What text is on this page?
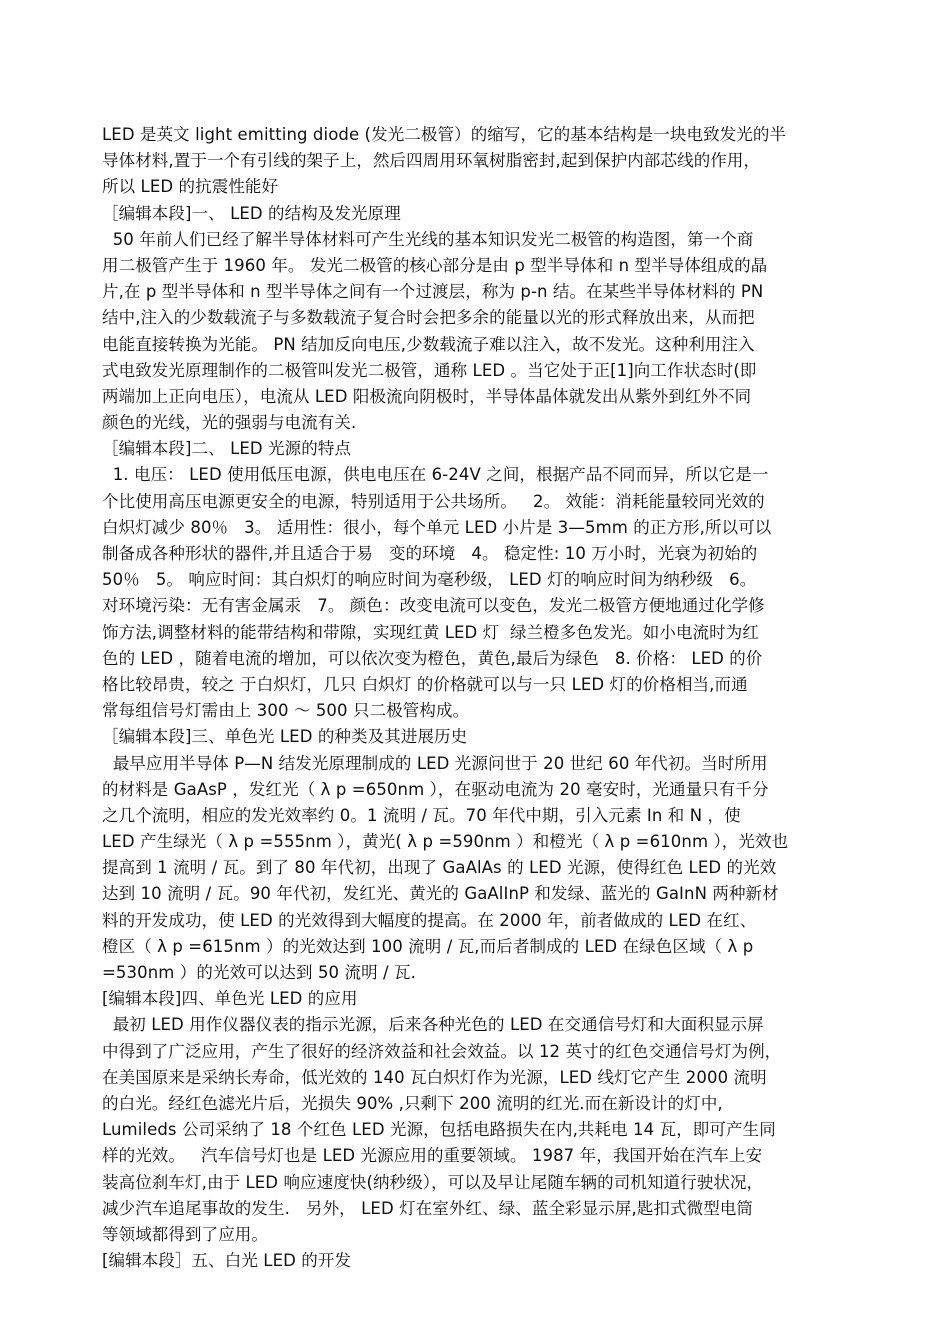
LED 是英文 light emitting diode (发光二极管）的缩写，它的基本结构是一块电致发光的半
导体材料,置于一个有引线的架子上，然后四周用环氧树脂密封,起到保护内部芯线的作用，
所以 LED 的抗震性能好
［编辑本段]一、 LED 的结构及发光原理
50 年前人们已经了解半导体材料可产生光线的基本知识发光二极管的构造图，第一个商
用二极管产生于 1960 年。 发光二极管的核心部分是由 p 型半导体和 n 型半导体组成的晶
片,在 p 型半导体和 n 型半导体之间有一个过渡层，称为 p-n 结。在某些半导体材料的 PN
结中,注入的少数载流子与多数载流子复合时会把多余的能量以光的形式释放出来，从而把
电能直接转换为光能。 PN 结加反向电压,少数载流子难以注入，故不发光。这种利用注入
式电致发光原理制作的二极管叫发光二极管，通称 LED 。当它处于正[1]向工作状态时(即
两端加上正向电压），电流从 LED 阳极流向阴极时，半导体晶体就发出从紫外到红外不同
颜色的光线，光的强弱与电流有关.
［编辑本段]二、 LED 光源的特点
1. 电压： LED 使用低压电源，供电电压在 6-24V 之间，根据产品不同而异，所以它是一
个比使用高压电源更安全的电源，特别适用于公共场所。   2。 效能：消耗能量较同光效的
白炽灯减少 80％   3。 适用性：很小，每个单元 LED 小片是 3—5mm 的正方形,所以可以
制备成各种形状的器件,并且适合于易   变的环境   4。 稳定性: 10 万小时，光衰为初始的
50％   5。 响应时间：其白炽灯的响应时间为毫秒级， LED 灯的响应时间为纳秒级   6。
对环境污染：无有害金属汞   7。 颜色：改变电流可以变色，发光二极管方便地通过化学修
饰方法,调整材料的能带结构和带隙，实现红黄 LED 灯  绿兰橙多色发光。如小电流时为红
色的 LED ，随着电流的增加，可以依次变为橙色，黄色,最后为绿色   8. 价格： LED 的价
格比较昂贵，较之 于白炽灯，几只 白炽灯 的价格就可以与一只 LED 灯的价格相当,而通
常每组信号灯需由上 300 ～ 500 只二极管构成。
［编辑本段]三、单色光 LED 的种类及其进展历史
最早应用半导体 P—N 结发光原理制成的 LED 光源问世于 20 世纪 60 年代初。当时所用
的材料是 GaAsP ，发红光（ λ p =650nm ），在驱动电流为 20 毫安时，光通量只有千分
之几个流明，相应的发光效率约 0。1 流明 / 瓦。70 年代中期，引入元素 In 和 N ，使
LED 产生绿光（ λ p =555nm ），黄光( λ p =590nm ）和橙光（ λ p =610nm ），光效也
提高到 1 流明 / 瓦。到了 80 年代初，出现了 GaAlAs 的 LED 光源，使得红色 LED 的光效
达到 10 流明 / 瓦。90 年代初，发红光、黄光的 GaAlInP 和发绿、蓝光的 GaInN 两种新材
料的开发成功，使 LED 的光效得到大幅度的提高。在 2000 年，前者做成的 LED 在红、
橙区（ λ p =615nm ）的光效达到 100 流明 / 瓦,而后者制成的 LED 在绿色区域（ λ p
=530nm ）的光效可以达到 50 流明 / 瓦.
[编辑本段]四、单色光 LED 的应用
最初 LED 用作仪器仪表的指示光源，后来各种光色的 LED 在交通信号灯和大面积显示屏
中得到了广泛应用，产生了很好的经济效益和社会效益。以 12 英寸的红色交通信号灯为例，
在美国原来是采纳长寿命，低光效的 140 瓦白炽灯作为光源，LED 线灯它产生 2000 流明
的白光。经红色滤光片后，光损失 90% ,只剩下 200 流明的红光.而在新设计的灯中,
Lumileds 公司采纳了 18 个红色 LED 光源，包括电路损失在内,共耗电 14 瓦，即可产生同
样的光效。   汽车信号灯也是 LED 光源应用的重要领域。 1987 年，我国开始在汽车上安
装高位刹车灯,由于 LED 响应速度快(纳秒级），可以及早让尾随车辆的司机知道行驶状况，
减少汽车追尾事故的发生.   另外， LED 灯在室外红、绿、蓝全彩显示屏,匙扣式微型电筒
等领域都得到了应用。
[编辑本段］五、白光 LED 的开发
